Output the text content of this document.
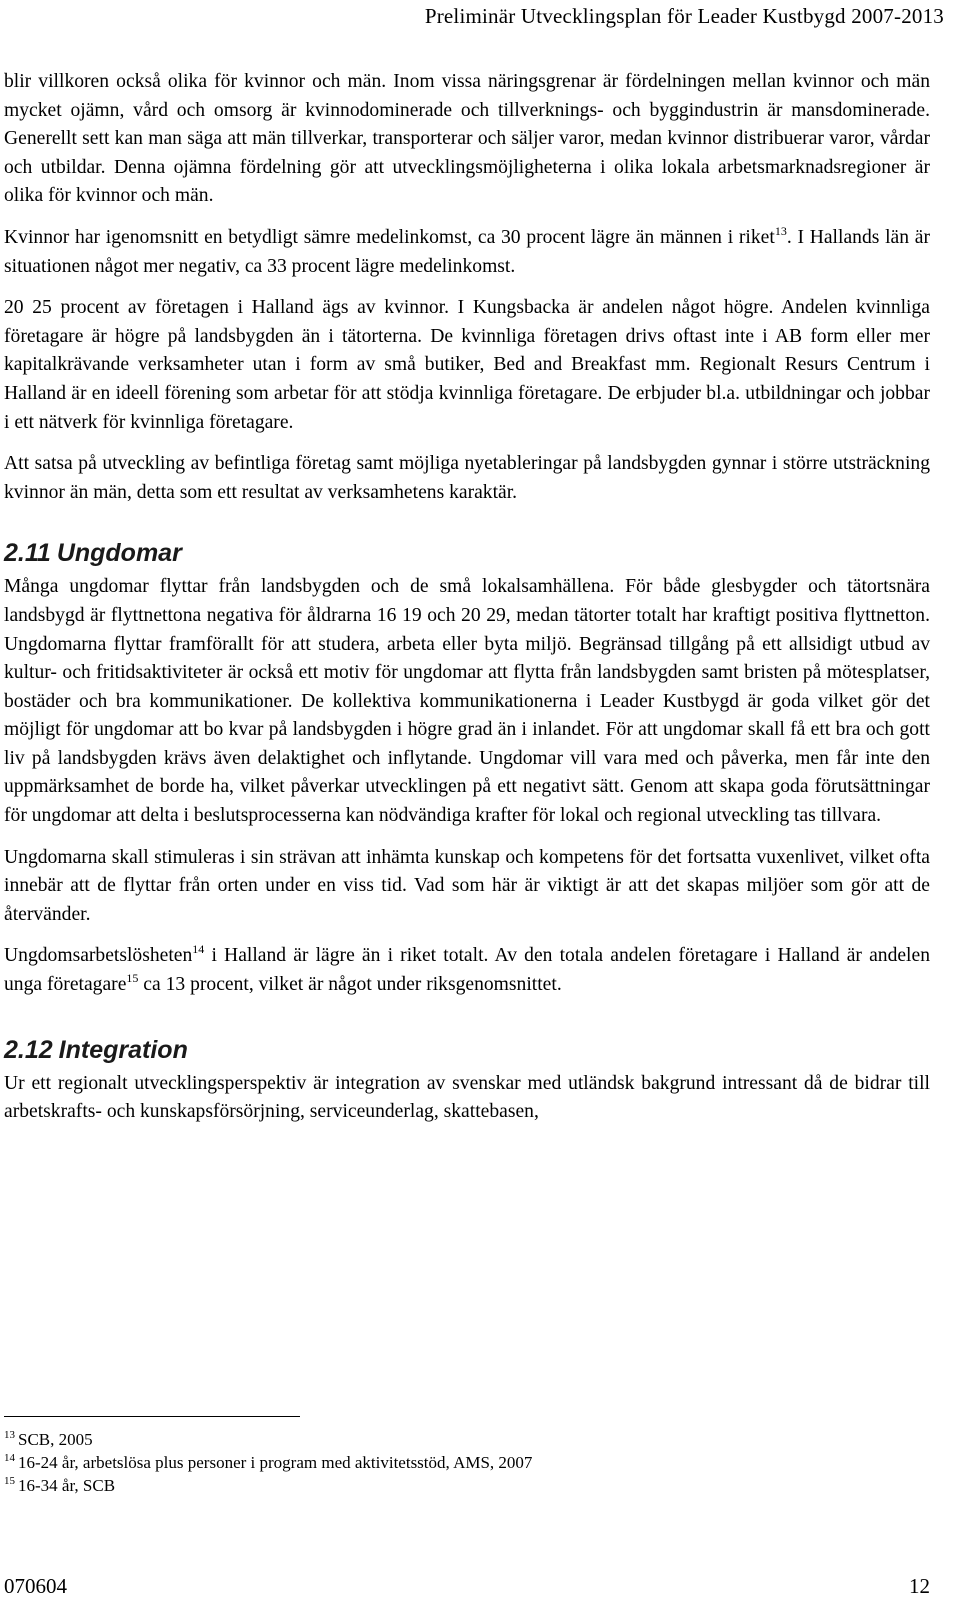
Preliminär Utvecklingsplan för Leader Kustbygd 2007-2013

blir villkoren också olika för kvinnor och män. Inom vissa näringsgrenar är fördelningen mellan kvinnor och män mycket ojämn, vård och omsorg är kvinnodominerade och tillverknings- och byggindustrin är mansdominerade. Generellt sett kan man säga att män tillverkar, transporterar och säljer varor, medan kvinnor distribuerar varor, vårdar och utbildar. Denna ojämna fördelning gör att utvecklingsmöjligheterna i olika lokala arbetsmarknadsregioner är olika för kvinnor och män.

Kvinnor har igenomsnitt en betydligt sämre medelinkomst, ca 30 procent lägre än männen i riket$^{13}$. I Hallands län är situationen något mer negativ, ca 33 procent lägre medelinkomst.

20 25 procent av företagen i Halland ägs av kvinnor. I Kungsbacka är andelen något högre. Andelen kvinnliga företagare är högre på landsbygden än i tätorterna. De kvinnliga företagen drivs oftast inte i AB form eller mer kapitalkrävande verksamheter utan i form av små butiker, Bed and Breakfast mm. Regionalt Resurs Centrum i Halland är en ideell förening som arbetar för att stödja kvinnliga företagare. De erbjuder bl.a. utbildningar och jobbar i ett nätverk för kvinnliga företagare.

Att satsa på utveckling av befintliga företag samt möjliga nyetableringar på landsbygden gynnar i större utsträckning kvinnor än män, detta som ett resultat av verksamhetens karaktär.

2.11 Ungdomar

Många ungdomar flyttar från landsbygden och de små lokalsamhällena. För både glesbygder och tätortsnära landsbygd är flyttnettona negativa för åldrarna 16 19 och 20 29, medan tätorter totalt har kraftigt positiva flyttnetton. Ungdomarna flyttar framförallt för att studera, arbeta eller byta miljö. Begränsad tillgång på ett allsidigt utbud av kultur- och fritidsaktiviteter är också ett motiv för ungdomar att flytta från landsbygden samt bristen på mötesplatser, bostäder och bra kommunikationer. De kollektiva kommunikationerna i Leader Kustbygd är goda vilket gör det möjligt för ungdomar att bo kvar på landsbygden i högre grad än i inlandet. För att ungdomar skall få ett bra och gott liv på landsbygden krävs även delaktighet och inflytande. Ungdomar vill vara med och påverka, men får inte den uppmärksamhet de borde ha, vilket påverkar utvecklingen på ett negativt sätt. Genom att skapa goda förutsättningar för ungdomar att delta i beslutsprocesserna kan nödvändiga krafter för lokal och regional utveckling tas tillvara.

Ungdomarna skall stimuleras i sin strävan att inhämta kunskap och kompetens för det fortsatta vuxenlivet, vilket ofta innebär att de flyttar från orten under en viss tid. Vad som här är viktigt är att det skapas miljöer som gör att de återvänder.

Ungdomsarbetslösheten$^{14}$ i Halland är lägre än i riket totalt. Av den totala andelen företagare i Halland är andelen unga företagare$^{15}$ ca 13 procent, vilket är något under riksgenomsnittet.

2.12 Integration

Ur ett regionalt utvecklingsperspektiv är integration av svenskar med utländsk bakgrund intressant då de bidrar till arbetskrafts- och kunskapsförsörjning, serviceunderlag, skattebasen,

$^{13}$ SCB, 2005
$^{14}$ 16-24 år, arbetslösa plus personer i program med aktivitetsstöd, AMS, 2007
$^{15}$ 16-34 år, SCB
070604	12
